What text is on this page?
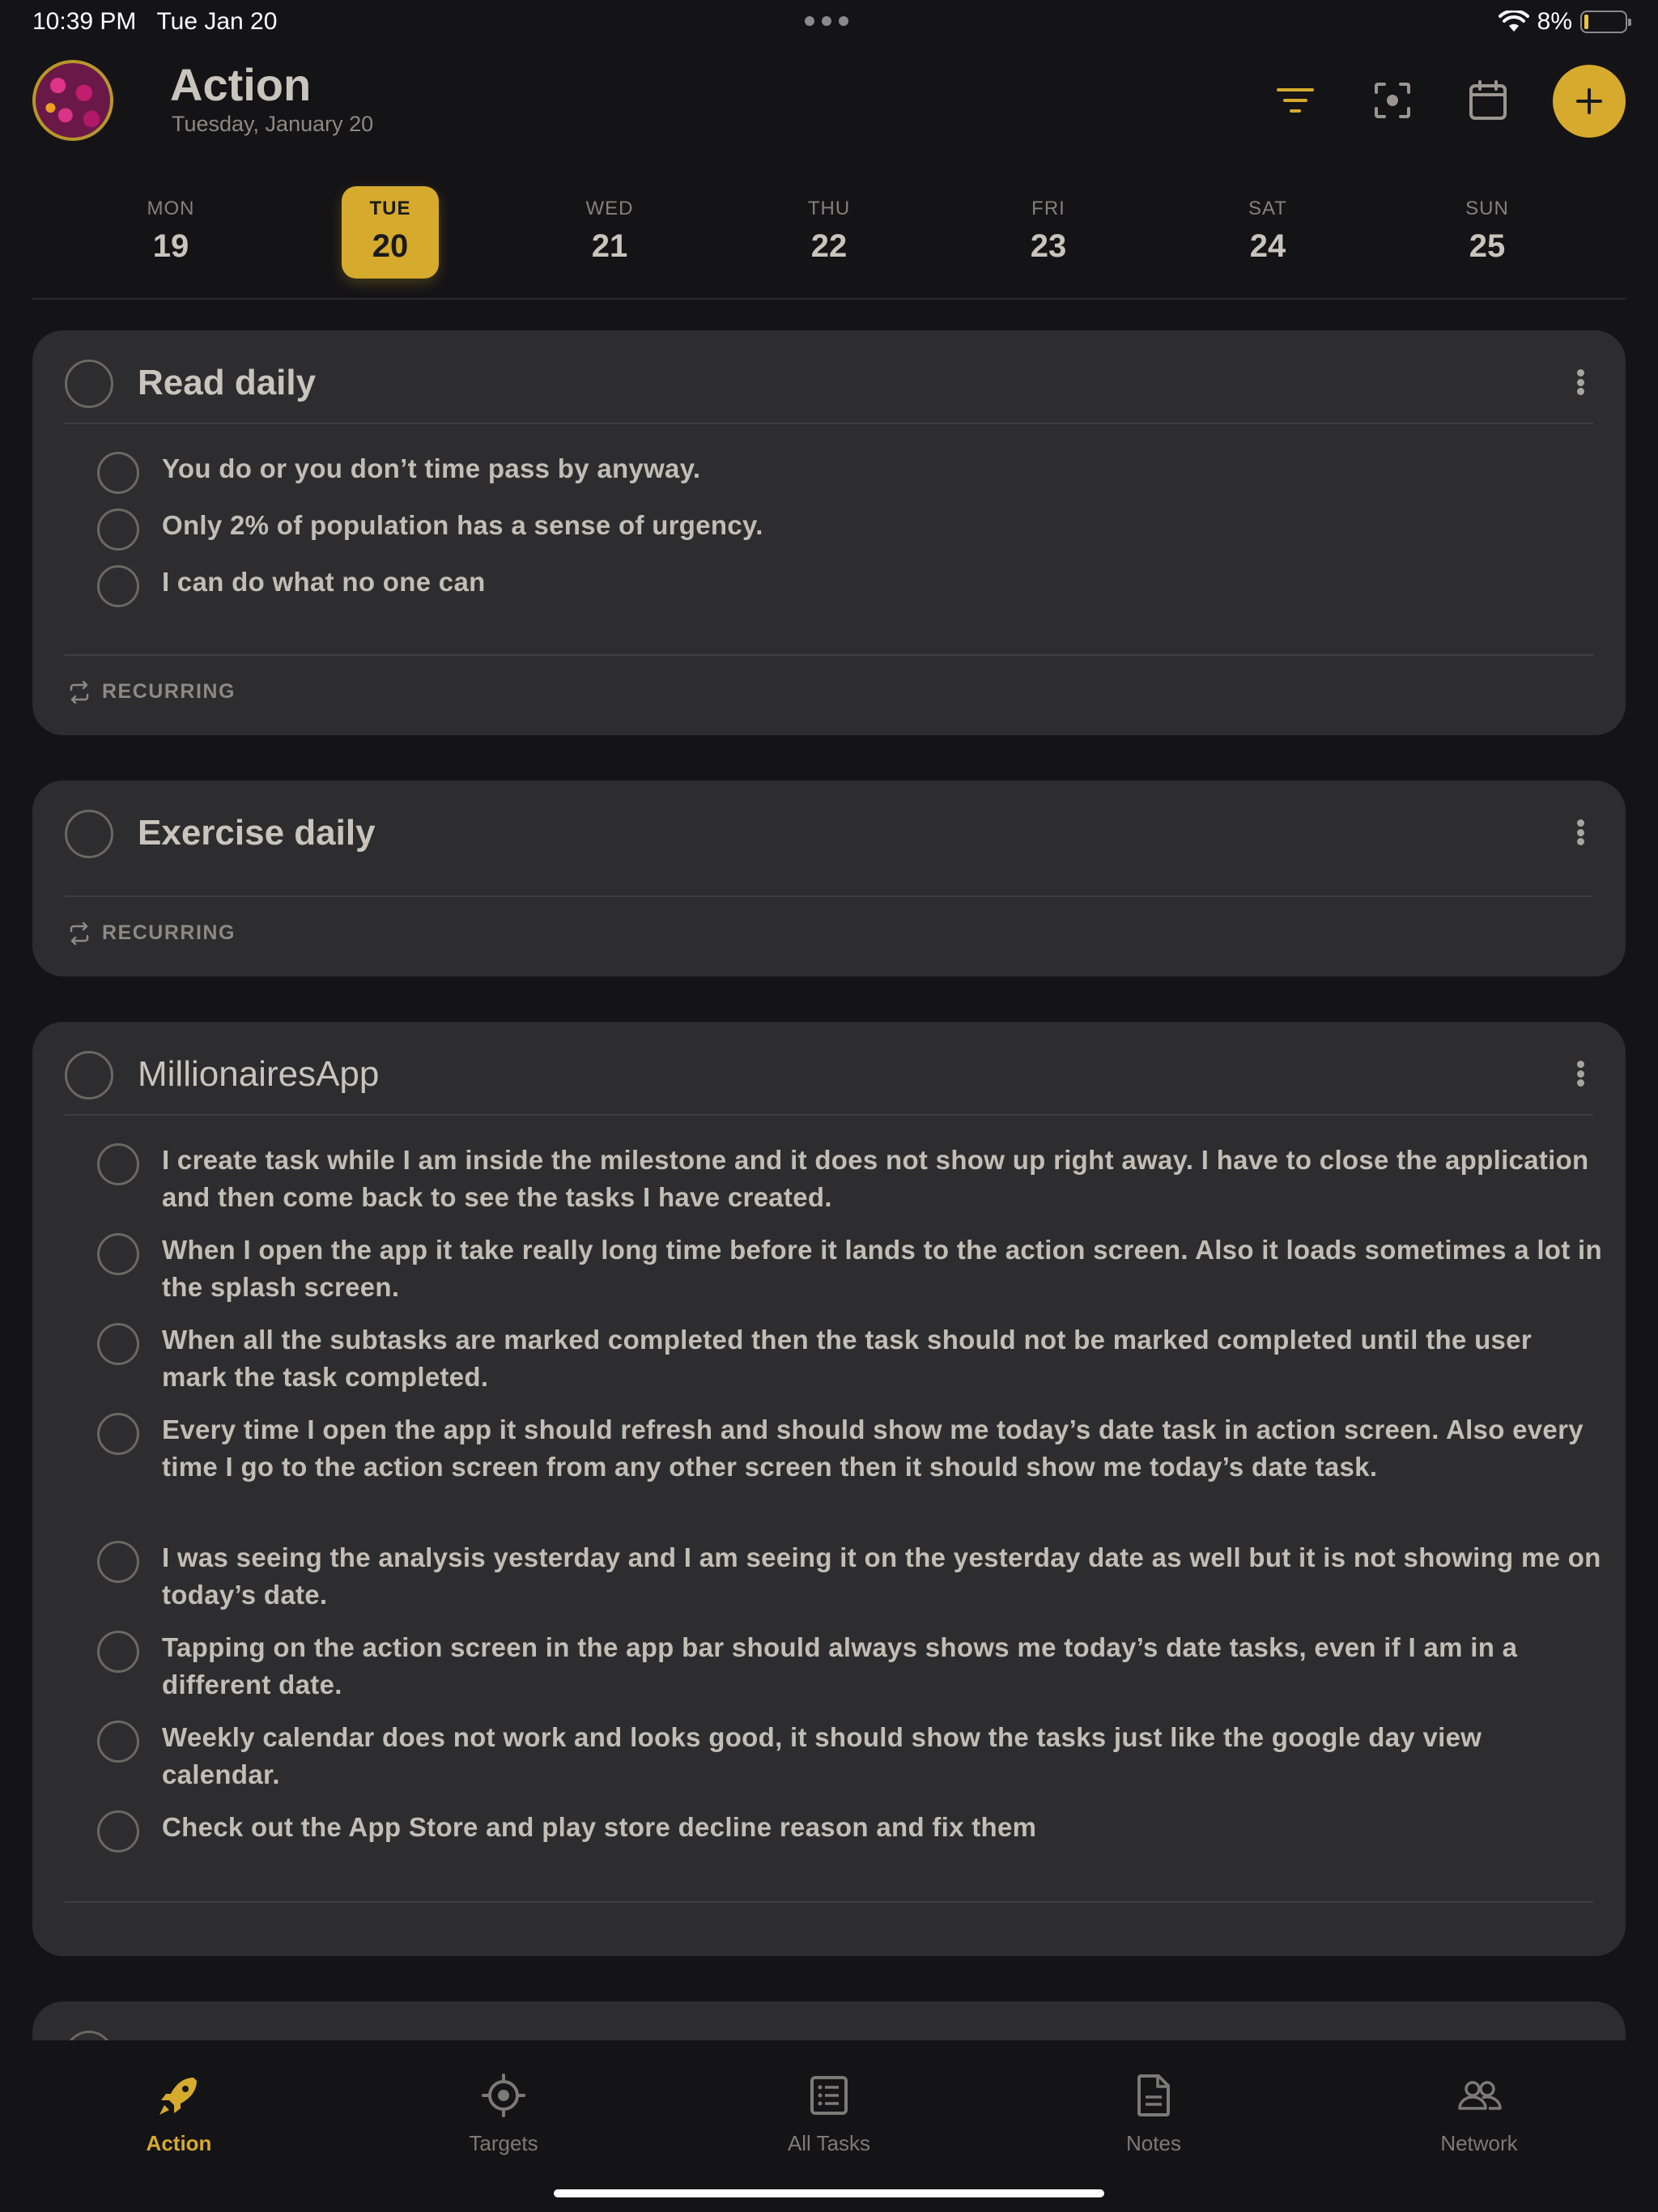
10:39 PM Tue Jan 20	8%
Action
Tuesday, January 20
MON
19
TUE
20
WED
21
THU
22
FRI
23
SAT
24
SUN
25
Read daily
You do or you don’t time pass by anyway.
Only 2% of population has a sense of urgency.
I can do what no one can
RECURRING
Exercise daily
RECURRING
MillionairesApp
I create task while I am inside the milestone and it does not show up right away. I have to close the application and then come back to see the tasks I have created.
When I open the app it take really long time before it lands to the action screen. Also it loads sometimes a lot in the splash screen.
When all the subtasks are marked completed then the task should not be marked completed until the user mark the task completed.
Every time I open the app it should refresh and should show me today’s date task in action screen. Also every time I go to the action screen from any other screen then it should show me today’s date task.
I was seeing the analysis yesterday and I am seeing it on the yesterday date as well but it is not showing me on today’s date.
Tapping on the action screen in the app bar should always shows me today’s date tasks, even if I am in a different date.
Weekly calendar does not work and looks good, it should show the tasks just like the google day view calendar.
Check out the App Store and play store decline reason and fix them
Action	Targets	All Tasks	Notes	Network
